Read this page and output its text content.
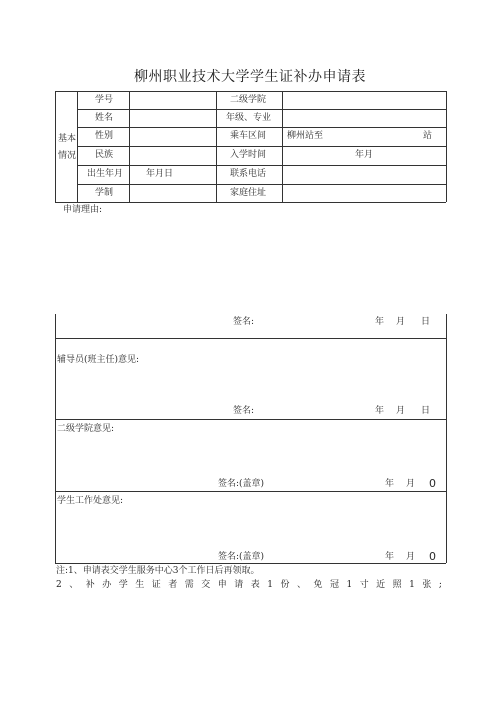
柳州职业技术大学学生证补办申请表
基本
情况
学号	二级学院
姓名	年级、专业
性别	乘车区间 柳州站至	站
民族	入学时间	年月
出生年月	年月日	联系电话
学制	家庭住址
申请理由:
签名:	年 月 日
辅导员(班主任)意见:
签名:	年 月 日
二级学院意见:
签名:(盖章)	年 月 0
学生工作处意见:
签名:(盖章)	年 月 0
注:1、申请表交学生服务中心3个工作日后再领取。
2 、 补 办 学 生 证 者 需 交 申 请 表 1 份 、 免 冠 1 寸 近 照 1 张 ;
